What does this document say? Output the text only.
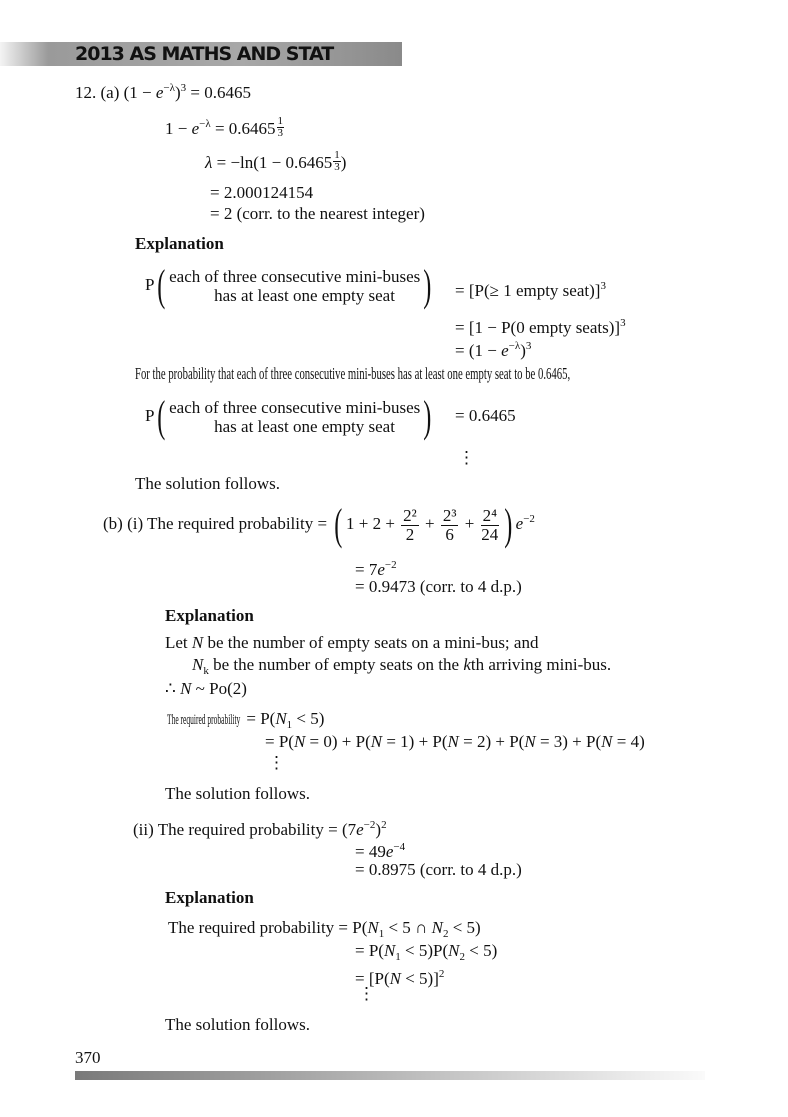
2013 AS MATHS AND STAT
12. (a) $(1 - e^{-\lambda})^3 = 0.6465$
$1 - e^{-\lambda} = 0.6465 \frac{1}{3}$
$\lambda = -\ln(1 - 0.6465 \frac{1}{3}$ )
= 2.000124154
= 2 (corr. to the nearest integer)
Explanation
P( each of three consecutive mini-buses
has at least one empty seat ) = [P(≥ 1 empty seat)]$^3$
= [1 − P(0 empty seats)]$^3$
= $(1 - e^{-\lambda})^3$
For the probability that each of three consecutive mini-buses has at least one empty seat to be 0.6465,
P( each of three consecutive mini-buses
has at least one empty seat ) = 0.6465
⋮
The solution follows.
(b) (i) The required probability = ( $1 + 2 + \frac{\text{2²}}{2} + \frac{\text{2³}}{6} + \frac{\text{2⁴}}{24}$ ) $e^{-2}$
= $7e^{-2}$
= 0.9473 (corr. to 4 d.p.)
Explanation
Let N be the number of empty seats on a mini-bus; and
$N_k$ be the number of empty seats on the kth arriving mini-bus.
∴ N ~ Po(2)
The required probability = $P(N_1 < 5)$
= P(N = 0) + P(N = 1) + P(N = 2) + P(N = 3) + P(N = 4)
⋮
The solution follows.
(ii) The required probability = $(7e^{-2})^2$
= $49e^{-4}$
= 0.8975 (corr. to 4 d.p.)
Explanation
The required probability = $P(N_1 < 5$ ∩ $N_2 < 5$)
= $P(N_1 < 5)P(N_2 < 5)$
= [P(N < 5)]$^2$
⋮
The solution follows.
370
